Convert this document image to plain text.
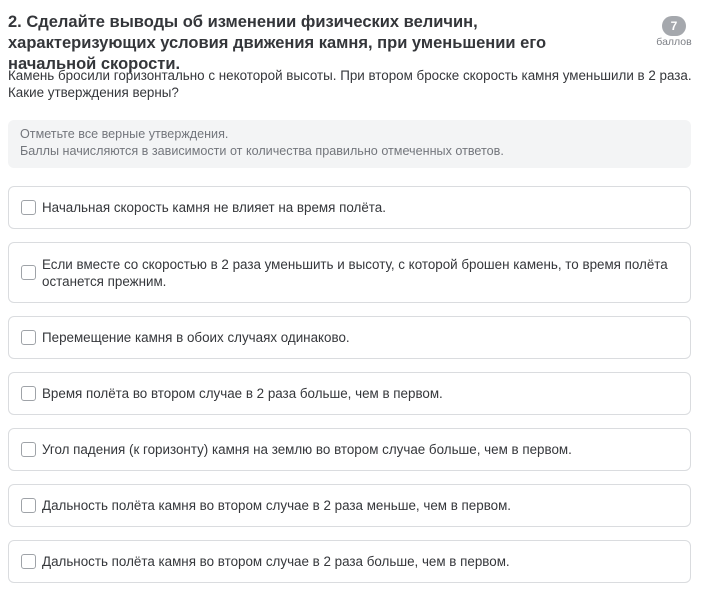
2. Сделайте выводы об изменении физических величин, характеризующих условия движения камня, при уменьшении его начальной скорости.
7
баллов
Камень бросили горизонтально с некоторой высоты. При втором броске скорость камня уменьшили в 2 раза. Какие утверждения верны?
Отметьте все верные утверждения.
Баллы начисляются в зависимости от количества правильно отмеченных ответов.
Начальная скорость камня не влияет на время полёта.
Если вместе со скоростью в 2 раза уменьшить и высоту, с которой брошен камень, то время полёта останется прежним.
Перемещение камня в обоих случаях одинаково.
Время полёта во втором случае в 2 раза больше, чем в первом.
Угол падения (к горизонту) камня на землю во втором случае больше, чем в первом.
Дальность полёта камня во втором случае в 2 раза меньше, чем в первом.
Дальность полёта камня во втором случае в 2 раза больше, чем в первом.
